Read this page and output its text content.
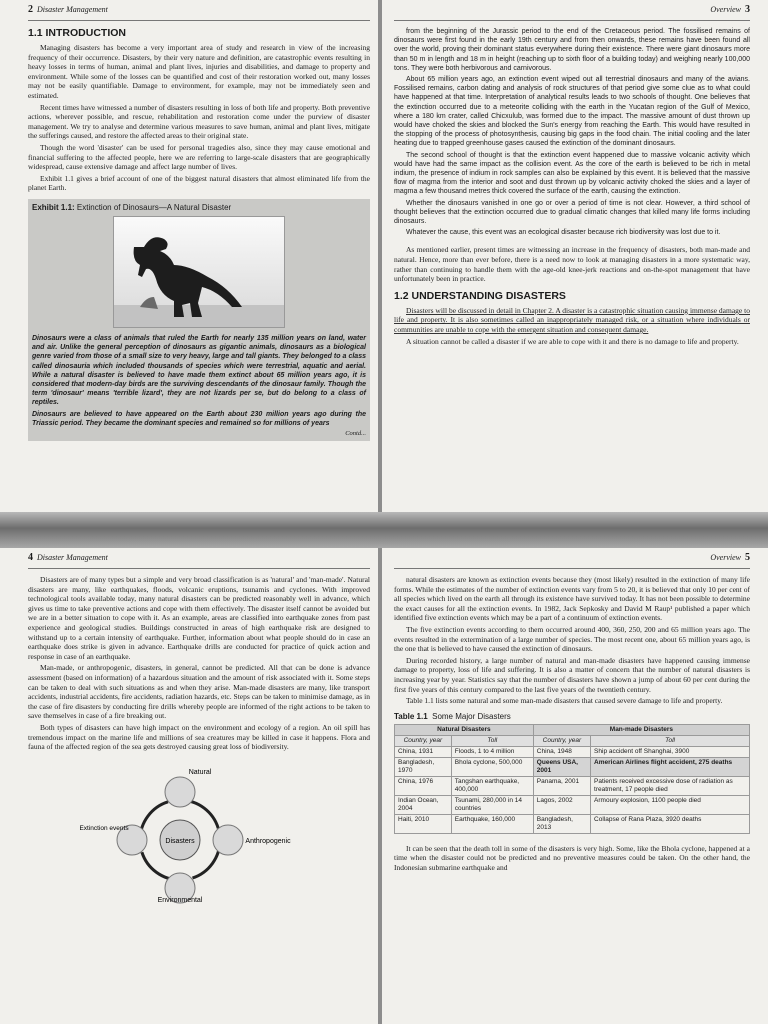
2 Disaster Management
1.1 INTRODUCTION

Managing disasters has become a very important area of study and research in view of the increasing frequency of their occurrence. Disasters, by their very nature and definition, are catastrophic events resulting in heavy losses in terms of human, animal and plant lives, injuries and disabilities, and damage to property and environment. While some of the losses can be quantified and cost of their restoration worked out, many losses may not be easily quantifiable. Damage to environment, for example, may not be immediately seen and estimated.

Recent times have witnessed a number of disasters resulting in loss of both life and property. Both preventive actions, wherever possible, and rescue, rehabilitation and restoration come under the purview of disaster management. We try to analyse and determine various measures to save human, animal and plant lives, mitigate the sufferings caused, and restore the affected areas to their original state.

Though the word 'disaster' can be used for personal tragedies also, since they may cause emotional and financial suffering to the affected people, here we are referring to large-scale disasters that are geographically widespread, cause extensive damage and affect large number of lives.

Exhibit 1.1 gives a brief account of one of the biggest natural disasters that almost eliminated life from the planet Earth.

Exhibit 1.1: Extinction of Dinosaurs—A Natural Disaster

Dinosaurs were a class of animals that ruled the Earth for nearly 135 million years on land, water and air. Unlike the general perception of dinosaurs as gigantic animals, dinosaurs as a biological genre varied from those of a small size to very heavy, large and tall giants. They belonged to a class called dinosauria which included thousands of species which were terrestrial, aquatic and aerial. While a natural disaster is believed to have made them extinct about 65 million years ago, it is considered that modern-day birds are the surviving descendants of the dinosaur family. Though the term 'dinosaur' means 'terrible lizard', they are not lizards per se, but do belong to a class of reptiles.

Dinosaurs are believed to have appeared on the Earth about 230 million years ago during the Triassic period. They became the dominant species and remained so for millions of years

Contd...
Overview 3

from the beginning of the Jurassic period to the end of the Cretaceous period. The fossilised remains of dinosaurs were first found in the early 19th century and from then onwards, these remains have been found all over the world, proving their dominant status everywhere during their existence. There were giant dinosaurs more than 50 m in length and 18 m in height (reaching up to sixth floor of a building today) and weighing nearly 100,000 tons. They were both herbivorous and carnivorous.

About 65 million years ago, an extinction event wiped out all terrestrial dinosaurs and many of the avians. Fossilised remains, carbon dating and analysis of rock structures of that period give some clue as to what could have happened at that time. Interpretation of analytical results leads to two schools of thought. One believes that the extinction occurred due to a meteorite colliding with the earth in the Yucatan region of the Gulf of Mexico, where a 180 km crater, called Chicxulub, was formed due to the impact. The massive amount of dust thrown up would have choked the skies and blocked the Sun's energy from reaching the Earth. This would have resulted in the stopping of the process of photosynthesis, causing big gaps in the food chain. The initial cooling and the later heating due to trapped greenhouse gases caused the extinction of the dominant dinosaurs.

The second school of thought is that the extinction event happened due to massive volcanic activity which would have had the same impact as the collision event. As the core of the earth is believed to be rich in metal indium, the presence of indium in rock samples can also be explained by this event. It is believed that the massive flow of magma from the interior and soot and dust thrown up by volcanic activity choked the skies and a layer of magma a few thousand metres thick covered the surface of the earth, causing the extinction.

Whether the dinosaurs vanished in one go or over a period of time is not clear. However, a third school of thought believes that the extinction occurred due to gradual climatic changes that killed many life forms including dinosaurs.

Whatever the cause, this event was an ecological disaster because rich biodiversity was lost due to it.

As mentioned earlier, present times are witnessing an increase in the frequency of disasters, both man-made and natural. Hence, more than ever before, there is a need now to look at managing disasters in a more systematic way, rather than continuing to handle them with the age-old knee-jerk reactions and on-the-spot management that have unfortunately been in practice.

1.2 UNDERSTANDING DISASTERS

Disasters will be discussed in detail in Chapter 2. A disaster is a catastrophic situation causing immense damage to life and property. It is also sometimes called an inappropriately managed risk, or a situation where individuals or communities are unable to cope with the emergent situation and consequent damage.

A situation cannot be called a disaster if we are able to cope with it and there is no damage to life and property.

4 Disaster Management

Disasters are of many types but a simple and very broad classification is as 'natural' and 'man-made'. Natural disasters are many, like earthquakes, floods, volcanic eruptions, tsunamis and cyclones. With improved technological tools available today, many natural disasters can be predicted reasonably well in advance, which gives us time to take preventive actions and cope with them effectively. The disaster itself cannot be avoided but we are in a better situation to cope with it. As an example, areas are classified into earthquake zones from past experience and geological studies. Buildings constructed in areas of high earthquake risk are designed to withstand up to a certain intensity of earthquake. Further, information about what people should do in case an earthquake does strike is given in advance. Earthquake drills are conducted for practice of quick action and response in case of an earthquake.

Man-made, or anthropogenic, disasters, in general, cannot be predicted. All that can be done is advance assessment (based on information) of a hazardous situation and the amount of risk associated with it. Some steps can be taken to deal with such situations as and when they arise. Man-made disasters are many, like transport accidents, industrial accidents, fire accidents, radiation hazards, etc. Steps can be taken to minimise damage, as in the case of fire disasters by conducting fire drills whereby people are informed of the right actions to be taken to save themselves in case of a fire breaking out.

Both types of disasters can have high impact on the environment and ecology of a region. An oil spill has tremendous impact on the marine life and millions of sea creatures may be killed in case it happens. Flora and fauna of the affected region of the sea gets destroyed causing great loss of biodiversity.

Disasters
Natural
Anthropogenic
Environmental
Extinction events
Overview 5

natural disasters are known as extinction events because they (most likely) resulted in the extinction of many life forms. While the estimates of the number of extinction events vary from 5 to 20, it is believed that only 10 per cent of all species which lived on the earth all through its existence have survived today. It has not been possible to determine the exact causes for all the extinction events. In 1982, Jack Sepkosky and David M Raup¹ published a paper which identified five extinction events which may be a part of a continuum of extinction events.

The five extinction events according to them occurred around 400, 360, 250, 200 and 65 million years ago. The events resulted in the extermination of a large number of species. The most recent one, about 65 million years ago, is the one that is believed to have caused the extinction of dinosaurs.

During recorded history, a large number of natural and man-made disasters have happened causing immense damage to property, loss of life and suffering. It is also a matter of concern that the number of natural disasters is increasing year by year. Statistics say that the number of disasters have shown a jump of about 60 per cent during the first five years of this century compared to the last five years of the twentieth century.

Table 1.1 lists some natural and some man-made disasters that caused severe damage to life and property.

Table 1.1 Some Major Disasters
Natural Disasters		Man-made Disasters	
Country, year	Toll	Country, year	Toll
China, 1931	Floods, 1 to 4 million	China, 1948	Ship accident off Shanghai, 3900
Bangladesh, 1970	Bhola cyclone, 500,000	Queens USA, 2001	American Airlines flight accident, 275 deaths
China, 1976	Tangshan earthquake, 400,000	Panama, 2001	Patients received excessive dose of radiation as treatment, 17 people died
Indian Ocean, 2004	Tsunami, 280,000 in 14 countries	Lagos, 2002	Armoury explosion, 1100 people died
Haiti, 2010	Earthquake, 160,000	Bangladesh, 2013	Collapse of Rana Plaza, 3920 deaths

It can be seen that the death toll in some of the disasters is very high. Some, like the Bhola cyclone, happened at a time when the disaster could not be predicted and no preventive measures could be taken. On the other hand, the Indonesian submarine earthquake and
